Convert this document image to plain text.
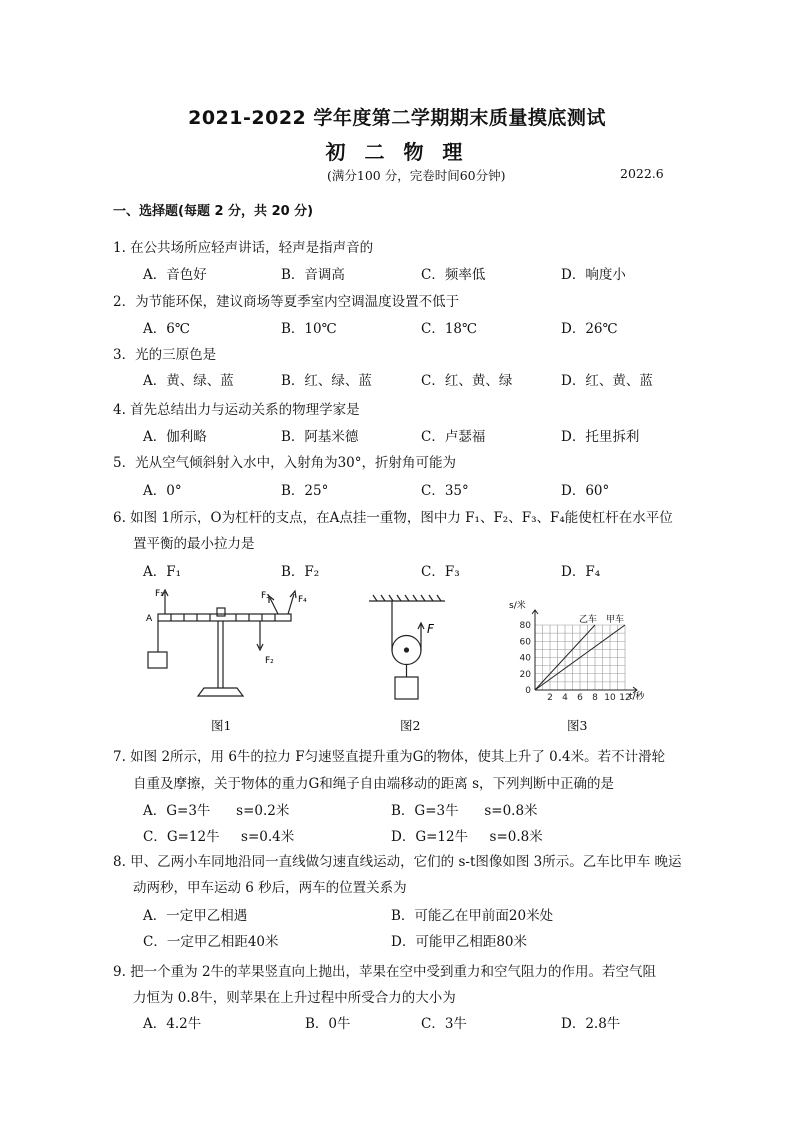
2021-2022 学年度第二学期期末质量摸底测试
初 二 物 理
(满分100 分，完卷时间60分钟)	2022.6
一、选择题(每题 2 分，共 20 分)
1. 在公共场所应轻声讲话，轻声是指声音的
A．音色好	B．音调高	C．频率低	D．响度小
2．为节能环保，建议商场等夏季室内空调温度设置不低于
A．6℃	B．10℃	C．18℃	D．26℃
3．光的三原色是
A．黄、绿、蓝	B．红、绿、蓝	C．红、黄、绿	D．红、黄、蓝
4. 首先总结出力与运动关系的物理学家是
A．伽利略	B．阿基米德	C．卢瑟福	D．托里拆利
5．光从空气倾斜射入水中，入射角为30°，折射角可能为
A．0°	B．25°	C．35°	D．60°
6. 如图 1所示，O为杠杆的支点，在A点挂一重物，图中力 F₁、F₂、F₃、F₄能使杠杆在水平位
置平衡的最小拉力是
A．F₁	B．F₂	C．F₃	D．F₄
F₁	F₃	F₄
F₂
A
F
s/米
t/秒
乙车 甲车
2 4 6 8 10 12
0
20
40
60
80
图1	图2	图3
7. 如图 2所示，用 6牛的拉力 F匀速竖直提升重为G的物体，使其上升了 0.4米。若不计滑轮
自重及摩擦，关于物体的重力G和绳子自由端移动的距离 s，下列判断中正确的是
A．G=3牛      s=0.2米	B．G=3牛      s=0.8米
C．G=12牛     s=0.4米	D．G=12牛     s=0.8米
8. 甲、乙两小车同地沿同一直线做匀速直线运动，它们的 s-t图像如图 3所示。乙车比甲车 晚运
动两秒，甲车运动 6 秒后，两车的位置关系为
A．一定甲乙相遇	B．可能乙在甲前面20米处
C．一定甲乙相距40米	D．可能甲乙相距80米
9. 把一个重为 2牛的苹果竖直向上抛出，苹果在空中受到重力和空气阻力的作用。若空气阻
力恒为 0.8牛，则苹果在上升过程中所受合力的大小为
A．4.2牛	B．0牛	C．3牛	D．2.8牛
